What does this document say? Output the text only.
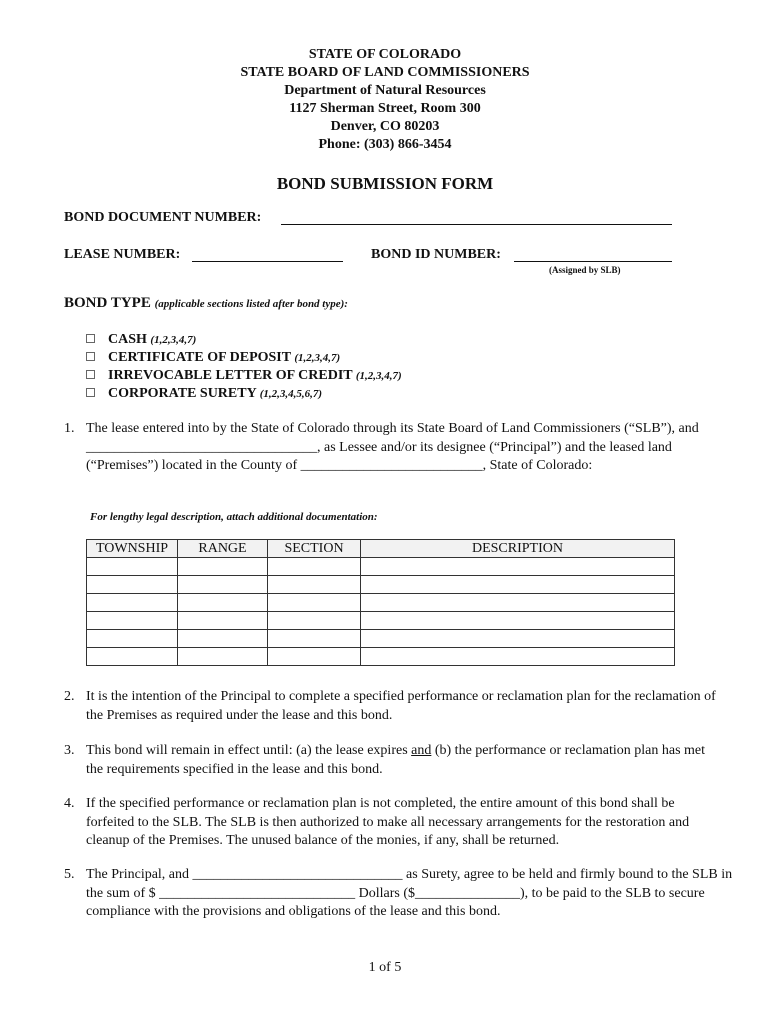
STATE OF COLORADO
STATE BOARD OF LAND COMMISSIONERS
Department of Natural Resources
1127 Sherman Street, Room 300
Denver, CO 80203
Phone: (303) 866-3454
BOND SUBMISSION FORM
BOND DOCUMENT NUMBER:
LEASE NUMBER:	BOND ID NUMBER:
(Assigned by SLB)
BOND TYPE (applicable sections listed after bond type):
CASH (1,2,3,4,7)
CERTIFICATE OF DEPOSIT (1,2,3,4,7)
IRREVOCABLE LETTER OF CREDIT (1,2,3,4,7)
CORPORATE SURETY (1,2,3,4,5,6,7)
1. The lease entered into by the State of Colorado through its State Board of Land Commissioners (“SLB”), and _________________________________, as Lessee and/or its designee (“Principal”) and the leased land (“Premises”) located in the County of __________________________, State of Colorado:
For lengthy legal description, attach additional documentation:
TOWNSHIP	RANGE	SECTION	DESCRIPTION

2. It is the intention of the Principal to complete a specified performance or reclamation plan for the reclamation of the Premises as required under the lease and this bond.
3. This bond will remain in effect until: (a) the lease expires and (b) the performance or reclamation plan has met the requirements specified in the lease and this bond.
4. If the specified performance or reclamation plan is not completed, the entire amount of this bond shall be forfeited to the SLB. The SLB is then authorized to make all necessary arrangements for the restoration and cleanup of the Premises. The unused balance of the monies, if any, shall be returned.
5. The Principal, and ______________________________ as Surety, agree to be held and firmly bound to the SLB in the sum of $ ____________________________ Dollars ($_______________), to be paid to the SLB to secure compliance with the provisions and obligations of the lease and this bond.
1 of 5
